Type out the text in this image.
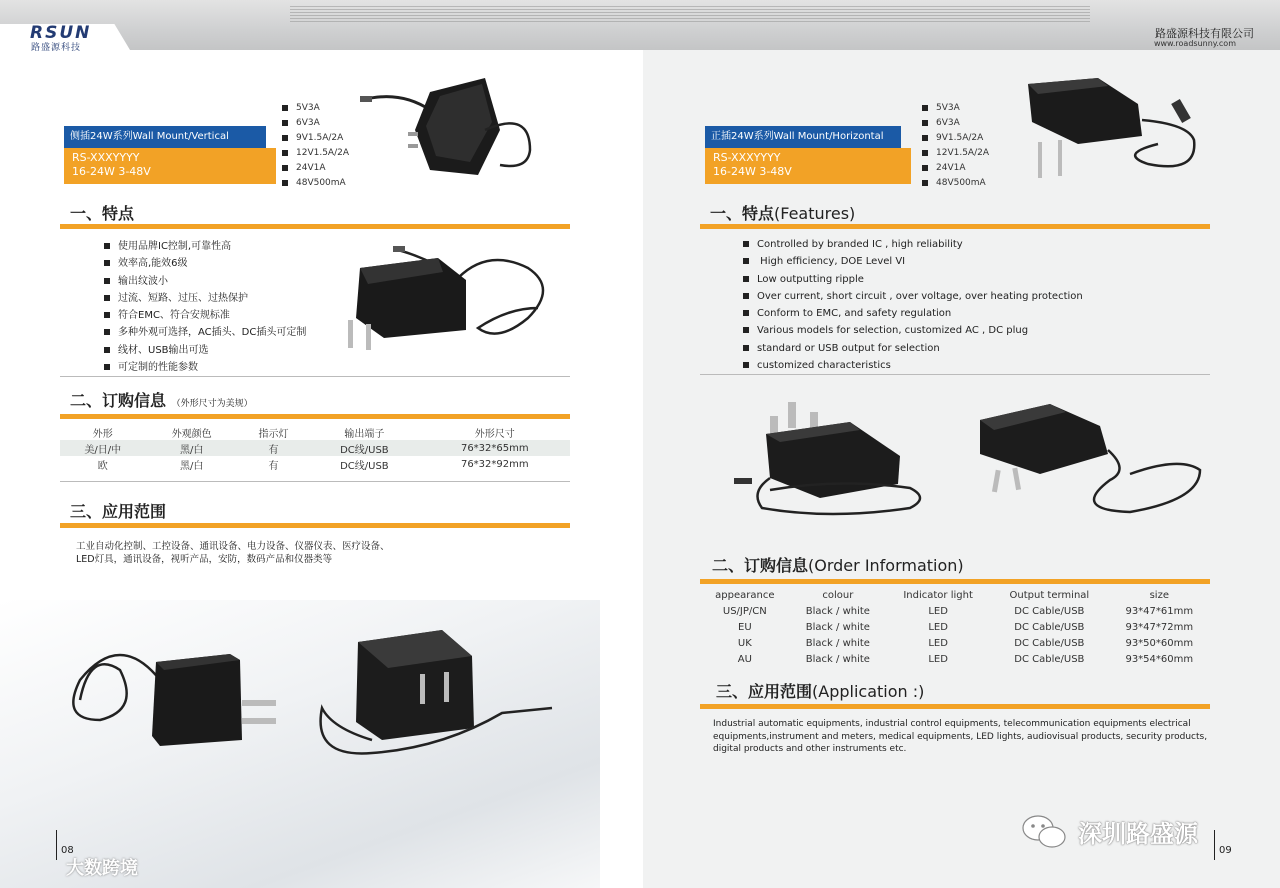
RSUN
路盛源科技
路盛源科技有限公司
www.roadsunny.com
侧插24W系列Wall Mount/Vertical
RS-XXXYYYY
16-24W 3-48V
5V3A
6V3A
9V1.5A/2A
12V1.5A/2A
24V1A
48V500mA
一、特点
使用品牌IC控制,可靠性高
效率高,能效6级
输出纹波小
过流、短路、过压、过热保护
符合EMC、符合安规标准
多种外观可选择，AC插头、DC插头可定制
线材、USB输出可选
可定制的性能参数
二、订购信息 （外形尺寸为美规）
外形	外观颜色	指示灯	输出端子	外形尺寸
美/日/中	黑/白	有	DC线/USB	76*32*65mm
欧	黑/白	有	DC线/USB	76*32*92mm
三、应用范围
工业自动化控制、工控设备、通讯设备、电力设备、仪器仪表、医疗设备、
LED灯具，通讯设备，视听产品，安防，数码产品和仪器类等
08
大数跨境
正插24W系列Wall Mount/Horizontal
RS-XXXYYYY
16-24W 3-48V
5V3A
6V3A
9V1.5A/2A
12V1.5A/2A
24V1A
48V500mA
一、特点(Features)
Controlled by branded IC , high reliability
High efficiency, DOE Level VI
Low outputting ripple
Over current, short circuit , over voltage, over heating protection
Conform to EMC, and safety regulation
Various models for selection, customized AC , DC plug
standard or USB output for selection
customized characteristics
二、订购信息(Order Information)
appearance	colour	Indicator light	Output terminal	size
US/JP/CN	Black / white	LED	DC Cable/USB	93*47*61mm
EU	Black / white	LED	DC Cable/USB	93*47*72mm
UK	Black / white	LED	DC Cable/USB	93*50*60mm
AU	Black / white	LED	DC Cable/USB	93*54*60mm
三、应用范围(Application :)
Industrial automatic equipments, industrial control equipments, telecommunication equipments electrical
equipments,instrument and meters, medical equipments, LED lights, audiovisual products, security products,
digital products and other instruments etc.
09
深圳路盛源
